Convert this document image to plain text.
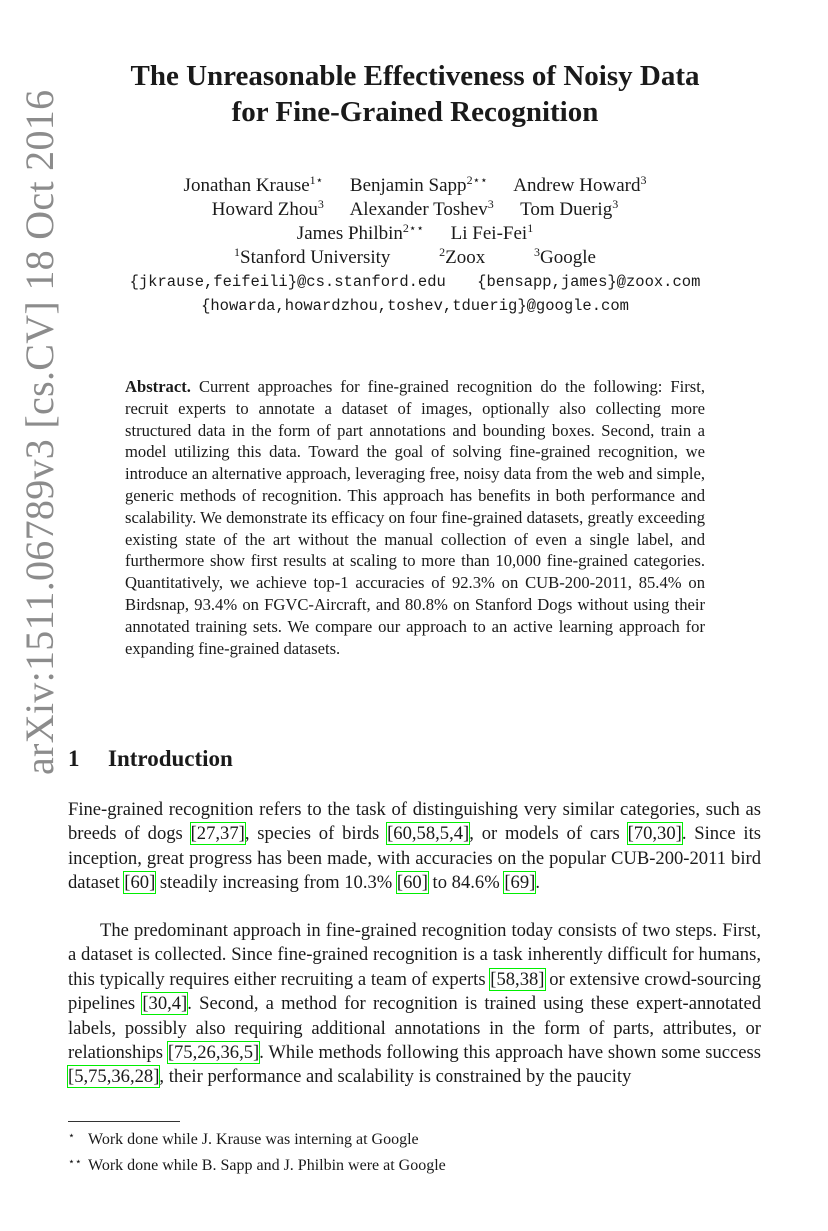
arXiv:1511.06789v3 [cs.CV] 18 Oct 2016
The Unreasonable Effectiveness of Noisy Data
for Fine-Grained Recognition
Jonathan Krause$^{1⋆}$ Benjamin Sapp$^{2⋆⋆}$ Andrew Howard$^3$
Howard Zhou$^3$ Alexander Toshev$^3$ Tom Duerig$^3$
James Philbin$^{2⋆⋆}$ Li Fei-Fei$^1$
$^1$Stanford University	$^2$Zoox	$^3$Google
{jkrause,feifeili}@cs.stanford.edu {bensapp,james}@zoox.com
{howarda,howardzhou,toshev,tduerig}@google.com
Abstract. Current approaches for fine-grained recognition do the following: First, recruit experts to annotate a dataset of images, optionally also collecting more structured data in the form of part annotations and bounding boxes. Second, train a model utilizing this data. Toward the goal of solving fine-grained recognition, we introduce an alternative approach, leveraging free, noisy data from the web and simple, generic methods of recognition. This approach has benefits in both performance and scalability. We demonstrate its efficacy on four fine-grained datasets, greatly exceeding existing state of the art without the manual collection of even a single label, and furthermore show first results at scaling to more than 10,000 fine-grained categories. Quantitatively, we achieve top-1 accuracies of 92.3% on CUB-200-2011, 85.4% on Birdsnap, 93.4% on FGVC-Aircraft, and 80.8% on Stanford Dogs without using their annotated training sets. We compare our approach to an active learning approach for expanding fine-grained datasets.
1 Introduction
Fine-grained recognition refers to the task of distinguishing very similar categories, such as breeds of dogs [27,37], species of birds [60,58,5,4], or models of cars [70,30]. Since its inception, great progress has been made, with accuracies on the popular CUB-200-2011 bird dataset [60] steadily increasing from 10.3% [60] to 84.6% [69].
The predominant approach in fine-grained recognition today consists of two steps. First, a dataset is collected. Since fine-grained recognition is a task inherently difficult for humans, this typically requires either recruiting a team of experts [58,38] or extensive crowd-sourcing pipelines [30,4]. Second, a method for recognition is trained using these expert-annotated labels, possibly also requiring additional annotations in the form of parts, attributes, or relationships [75,26,36,5]. While methods following this approach have shown some success [5,75,36,28], their performance and scalability is constrained by the paucity
⋆ Work done while J. Krause was interning at Google
⋆⋆ Work done while B. Sapp and J. Philbin were at Google
